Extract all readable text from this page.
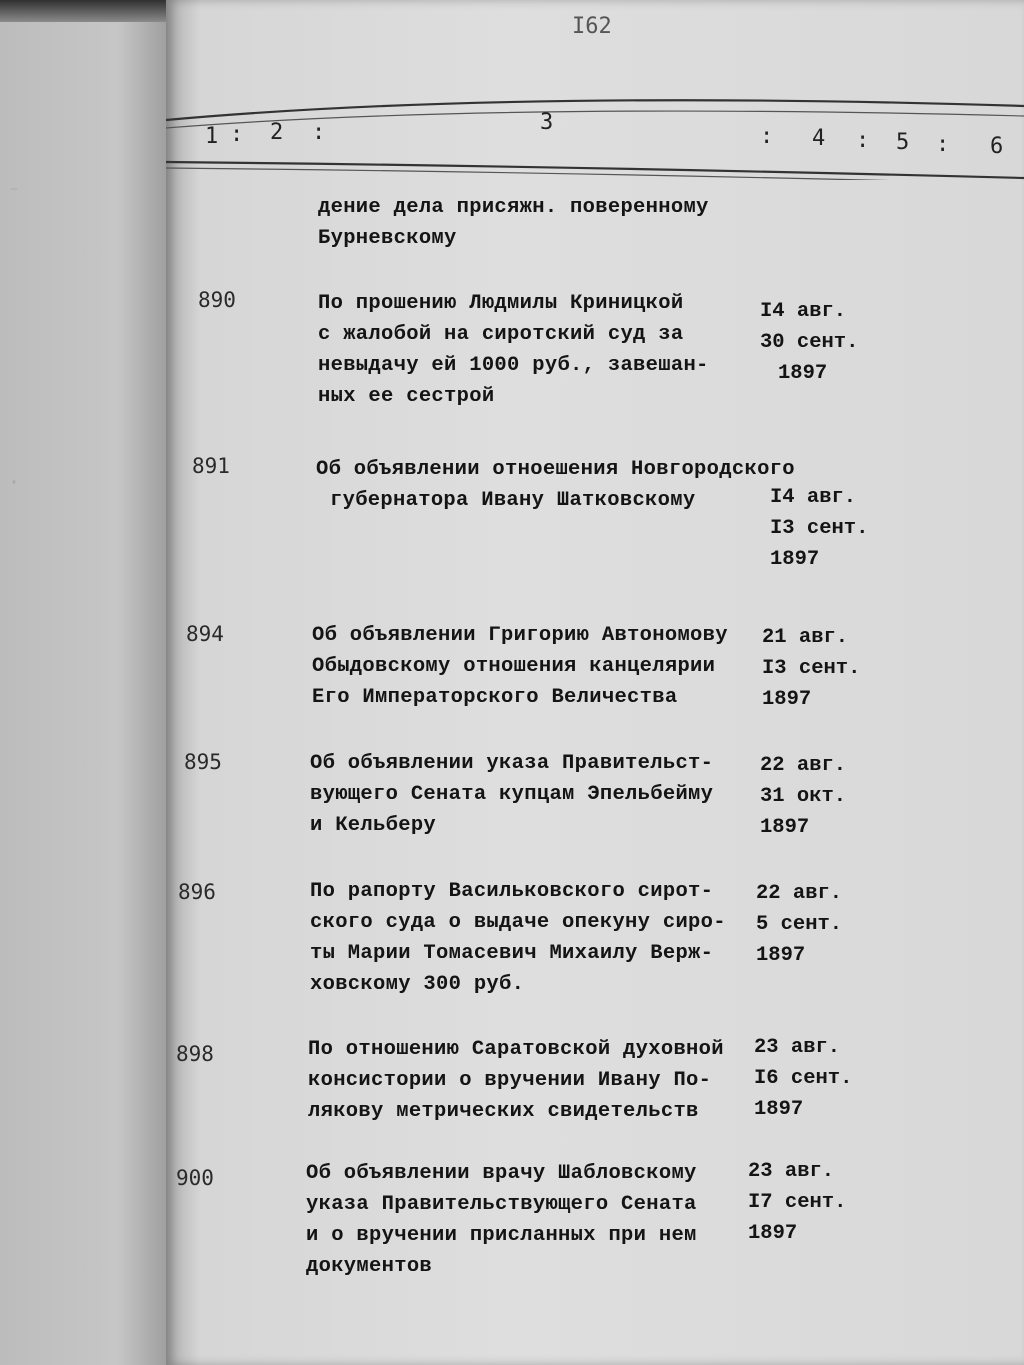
⁻
·
I62
1 : 2 :	3
: 4 : 5 : 6
дение дела присяжн. поверенному
Бурневскому
890	По прошению Людмилы Криницкой
с жалобой на сиротский суд за
невыдачу ей 1000 руб., завешан-
ных ее сестрой
I4 авг.
30 сент.
1897
891	Об объявлении отноешения Новгородского
губернатора Ивану Шатковскому	I4 авг.
I3 сент.
1897
894	Об объявлении Григорию Автономову
Обыдовскому отношения канцелярии
Его Императорского Величества
21 авг.
I3 сент.
1897
895	Об объявлении указа Правительст-
вующего Сената купцам Эпельбейму
и Кельберу
22 авг.
31 окт.
1897
896	По рапорту Васильковского сирот-
ского суда о выдаче опекуну сиро-
ты Марии Томасевич Михаилу Верж-
ховскому 300 руб.
22 авг.
5 сент.
1897
898	По отношению Саратовской духовной
консистории о вручении Ивану По-
лякову метрических свидетельств
23 авг.
I6 сент.
1897
900	Об объявлении врачу Шабловскому
указа Правительствующего Сената
и о вручении присланных при нем
документов
23 авг.
I7 сент.
1897
